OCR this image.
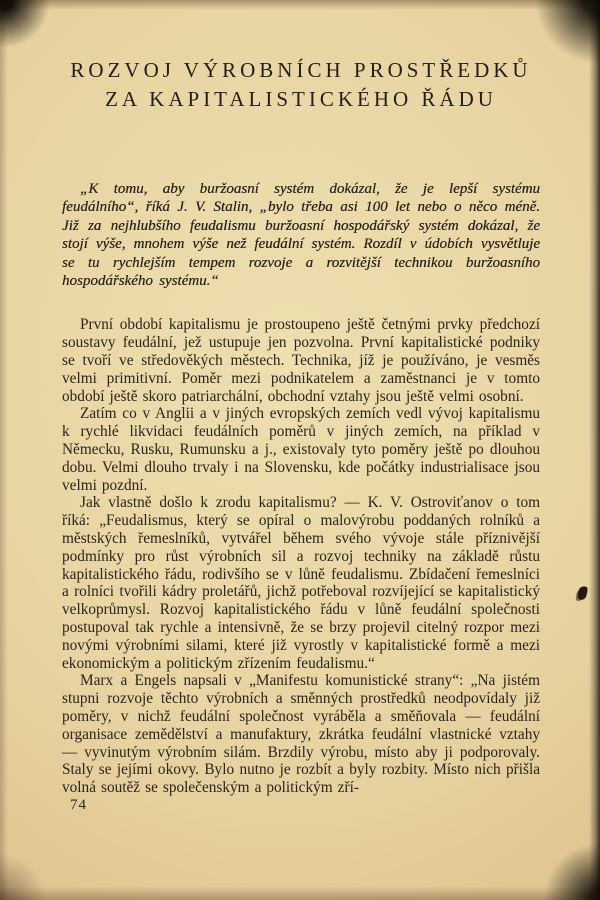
ROZVOJ VÝROBNÍCH PROSTŘEDKŮ
ZA KAPITALISTICKÉHO ŘÁDU
„K tomu, aby buržoasní systém dokázal, že je lepší systému feudálního“, říká J. V. Stalin, „bylo třeba asi 100 let nebo o něco méně. Již za nejhlubšího feudalismu buržoasní hospodářský systém dokázal, že stojí výše, mnohem výše než feudální systém. Rozdíl v údobích vysvětluje se tu rychlejším tempem rozvoje a rozvitější technikou buržoasního hospodářského systému.“

První období kapitalismu je prostoupeno ještě četnými prvky předchozí soustavy feudální, jež ustupuje jen pozvolna. První kapitalistické podniky se tvoří ve středověkých městech. Technika, jíž je používáno, je vesměs velmi primitivní. Poměr mezi podnikatelem a zaměstnanci je v tomto období ještě skoro patriarchální, obchodní vztahy jsou ještě velmi osobní.

Zatím co v Anglii a v jiných evropských zemích vedl vývoj kapitalismu k rychlé likvidaci feudálních poměrů v jiných zemích, na příklad v Německu, Rusku, Rumunsku a j., existovaly tyto poměry ještě po dlouhou dobu. Velmi dlouho trvaly i na Slovensku, kde počátky industrialisace jsou velmi pozdní.

Jak vlastně došlo k zrodu kapitalismu? — K. V. Ostroviťanov o tom říká: „Feudalismus, který se opíral o malovýrobu poddaných rolníků a městských řemeslníků, vytvářel během svého vývoje stále příznivější podmínky pro růst výrobních sil a rozvoj techniky na základě růstu kapitalistického řádu, rodivšího se v lůně feudalismu. Zbídačení řemeslníci a rolníci tvořili kádry proletářů, jichž potřeboval rozvíjející se kapitalistický velkoprůmysl. Rozvoj kapitalistického řádu v lůně feudální společnosti postupoval tak rychle a intensivně, že se brzy projevil citelný rozpor mezi novými výrobními silami, které již vyrostly v kapitalistické formě a mezi ekonomickým a politickým zřízením feudalismu.“

Marx a Engels napsali v „Manifestu komunistické strany“: „Na jistém stupni rozvoje těchto výrobních a směnných prostředků neodpovídaly již poměry, v nichž feudální společnost vyráběla a směňovala — feudální organisace zemědělství a manufaktury, zkrátka feudální vlastnické vztahy — vyvinutým výrobním silám. Brzdily výrobu, místo aby ji podporovaly. Staly se jejími okovy. Bylo nutno je rozbít a byly rozbity. Místo nich přišla volná soutěž se společenským a politickým zří-

74
